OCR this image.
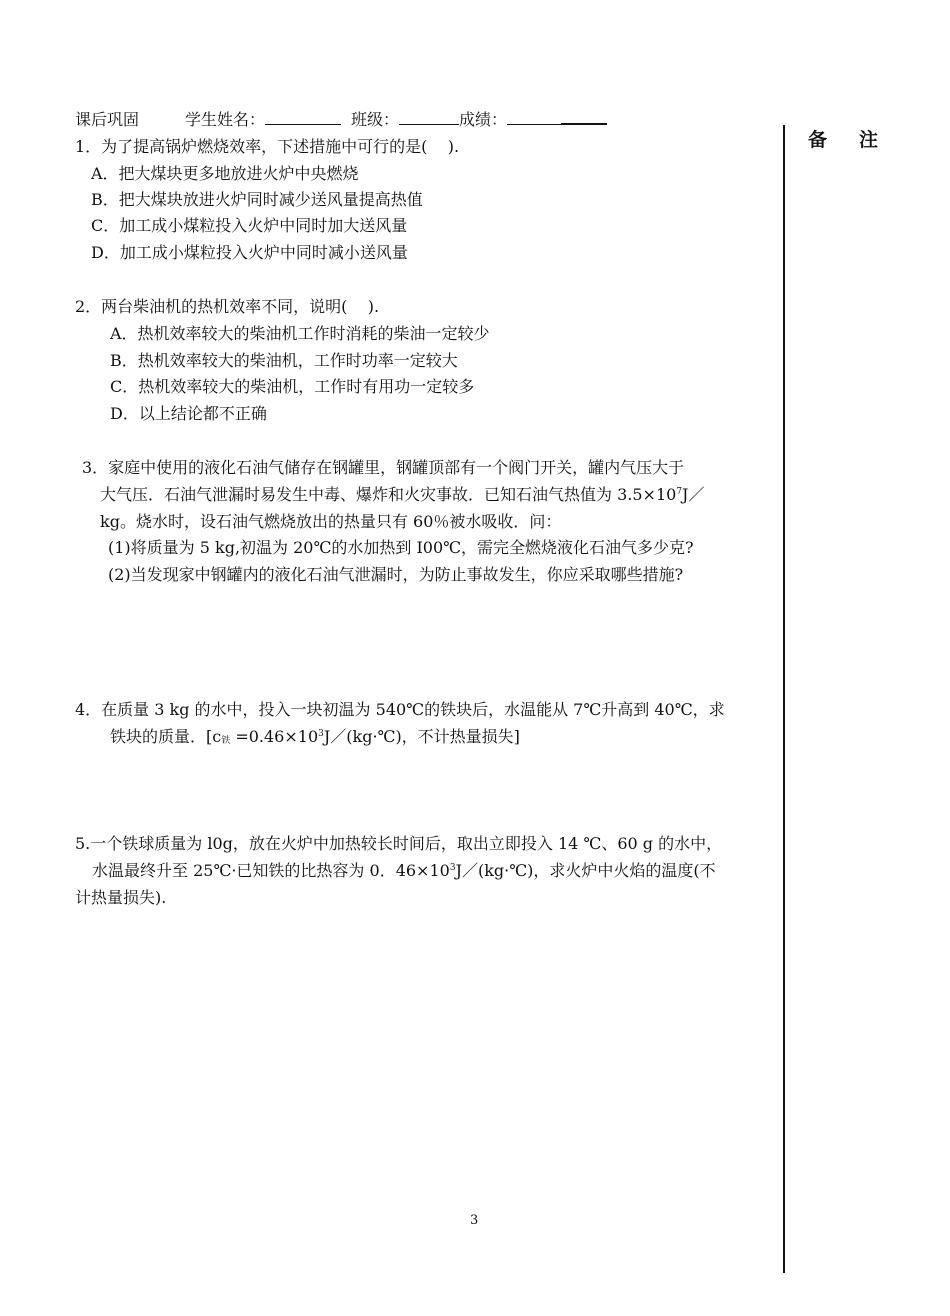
课后巩固	学生姓名：	班级：	成绩：
备 注
1．为了提高锅炉燃烧效率，下述措施中可行的是(    ).
A．把大煤块更多地放进火炉中央燃烧
B．把大煤块放进火炉同时减少送风量提高热值
C．加工成小煤粒投入火炉中同时加大送风量
D．加工成小煤粒投入火炉中同时减小送风量
2．两台柴油机的热机效率不同，说明(    ).
A．热机效率较大的柴油机工作时消耗的柴油一定较少
B．热机效率较大的柴油机，工作时功率一定较大
C．热机效率较大的柴油机，工作时有用功一定较多
D．以上结论都不正确
3．家庭中使用的液化石油气储存在钢罐里，钢罐顶部有一个阀门开关，罐内气压大于
大气压．石油气泄漏时易发生中毒、爆炸和火灾事故．已知石油气热值为 $3.5\times 10^7J/$
kg。烧水时，设石油气燃烧放出的热量只有 60％被水吸收．问：
(1)将质量为 5 kg,初温为 20℃的水加热到 I00℃，需完全燃烧液化石油气多少克?
(2)当发现家中钢罐内的液化石油气泄漏时，为防止事故发生，你应采取哪些措施?
4．在质量 3 kg 的水中，投入一块初温为 540℃的铁块后，水温能从 7℃升高到 40℃，求
铁块的质量．[$c_铁$ $=0.46\times 10^3J/(kg\cdot℃)$，不计热量损失]
5.一个铁球质量为 l0g，放在火炉中加热较长时间后，取出立即投入 14 ℃、60 g 的水中，
水温最终升至 25℃·已知铁的比热容为 0．$46\times 10^3J/(kg\cdot℃)$，求火炉中火焰的温度(不
计热量损失).
3
